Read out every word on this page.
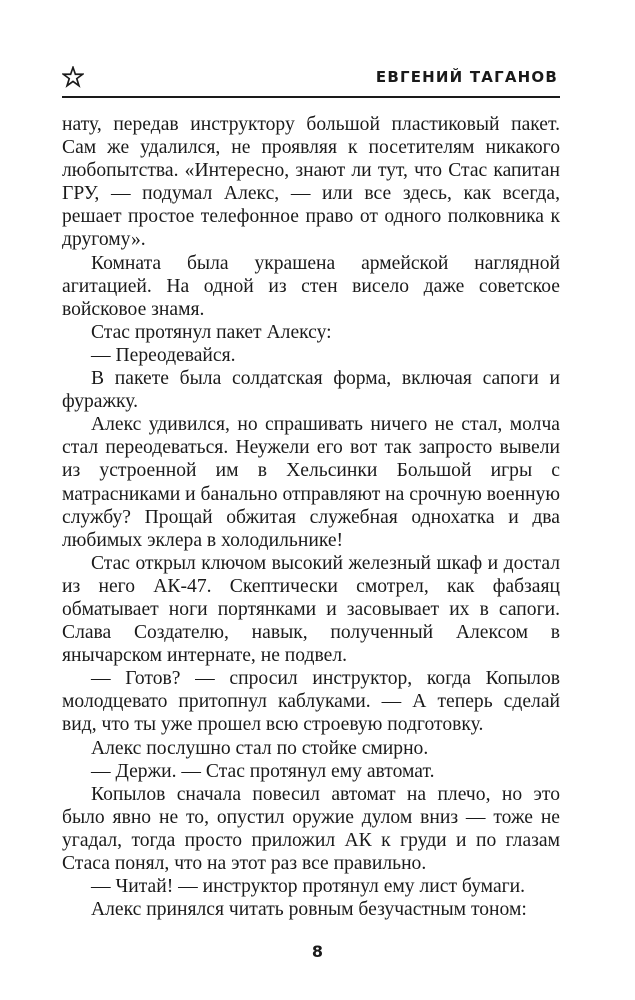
ЕВГЕНИЙ ТАГАНОВ

нату, передав инструктору большой пластиковый пакет. Сам же удалился, не проявляя к посетителям никакого любопытства. «Интересно, знают ли тут, что Стас капитан ГРУ, — подумал Алекс, — или все здесь, как всегда, решает простое телефонное право от одного полковника к другому».

Комната была украшена армейской наглядной агитацией. На одной из стен висело даже советское войсковое знамя.

Стас протянул пакет Алексу:

— Переодевайся.

В пакете была солдатская форма, включая сапоги и фуражку.

Алекс удивился, но спрашивать ничего не стал, молча стал переодеваться. Неужели его вот так запросто вывели из устроенной им в Хельсинки Большой игры с матрасниками и банально отправляют на срочную военную службу? Прощай обжитая служебная однохатка и два любимых эклера в холодильнике!

Стас открыл ключом высокий железный шкаф и достал из него АК-47. Скептически смотрел, как фабзаяц обматывает ноги портянками и засовывает их в сапоги. Слава Создателю, навык, полученный Алексом в янычарском интернате, не подвел.

— Готов? — спросил инструктор, когда Копылов молодцевато притопнул каблуками. — А теперь сделай вид, что ты уже прошел всю строевую подготовку.

Алекс послушно стал по стойке смирно.

— Держи. — Стас протянул ему автомат.

Копылов сначала повесил автомат на плечо, но это было явно не то, опустил оружие дулом вниз — тоже не угадал, тогда просто приложил АК к груди и по глазам Стаса понял, что на этот раз все правильно.

— Читай! — инструктор протянул ему лист бумаги.

Алекс принялся читать ровным безучастным тоном:

8
